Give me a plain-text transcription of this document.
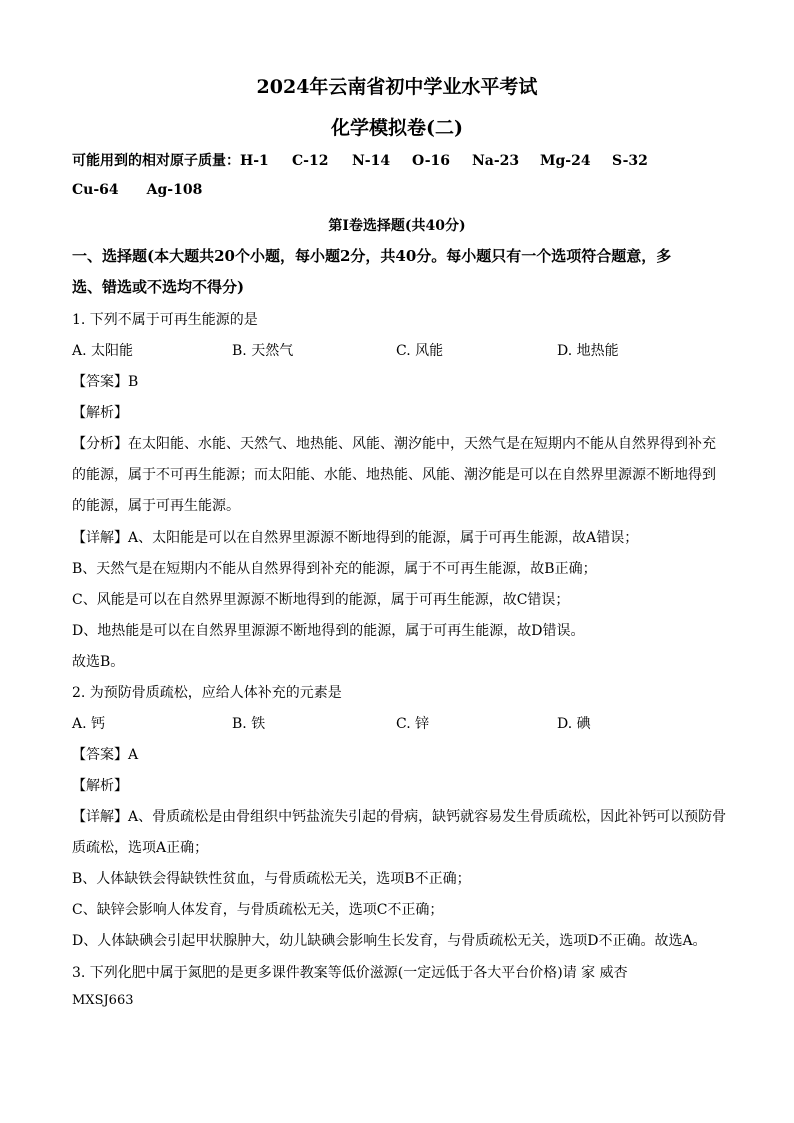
2024年云南省初中学业水平考试
化学模拟卷(二)
可能用到的相对原子质量：H-1 C-12 N-14 O-16 Na-23 Mg-24 S-32
Cu-64 Ag-108
第Ⅰ卷选择题(共40分)
一、选择题(本大题共20个小题，每小题2分，共40分。每小题只有一个选项符合题意，多
选、错选或不选均不得分)
1. 下列不属于可再生能源的是
A. 太阳能	B. 天然气	C. 风能	D. 地热能
【答案】B
【解析】
【分析】在太阳能、水能、天然气、地热能、风能、潮汐能中，天然气是在短期内不能从自然界得到补充
的能源，属于不可再生能源；而太阳能、水能、地热能、风能、潮汐能是可以在自然界里源源不断地得到
的能源，属于可再生能源。
【详解】A、太阳能是可以在自然界里源源不断地得到的能源，属于可再生能源，故A错误；
B、天然气是在短期内不能从自然界得到补充的能源，属于不可再生能源，故B正确；
C、风能是可以在自然界里源源不断地得到的能源，属于可再生能源，故C错误；
D、地热能是可以在自然界里源源不断地得到的能源，属于可再生能源，故D错误。
故选B。
2. 为预防骨质疏松，应给人体补充的元素是
A. 钙	B. 铁	C. 锌	D. 碘
【答案】A
【解析】
【详解】A、骨质疏松是由骨组织中钙盐流失引起的骨病，缺钙就容易发生骨质疏松，因此补钙可以预防骨
质疏松，选项A正确；
B、人体缺铁会得缺铁性贫血，与骨质疏松无关，选项B不正确；
C、缺锌会影响人体发育，与骨质疏松无关，选项C不正确；
D、人体缺碘会引起甲状腺肿大，幼儿缺碘会影响生长发育，与骨质疏松无关，选项D不正确。故选A。
3. 下列化肥中属于氮肥的是更多课件教案等低价滋源(一定远低于各大平台价格)请 家 威杏
MXSJ663
